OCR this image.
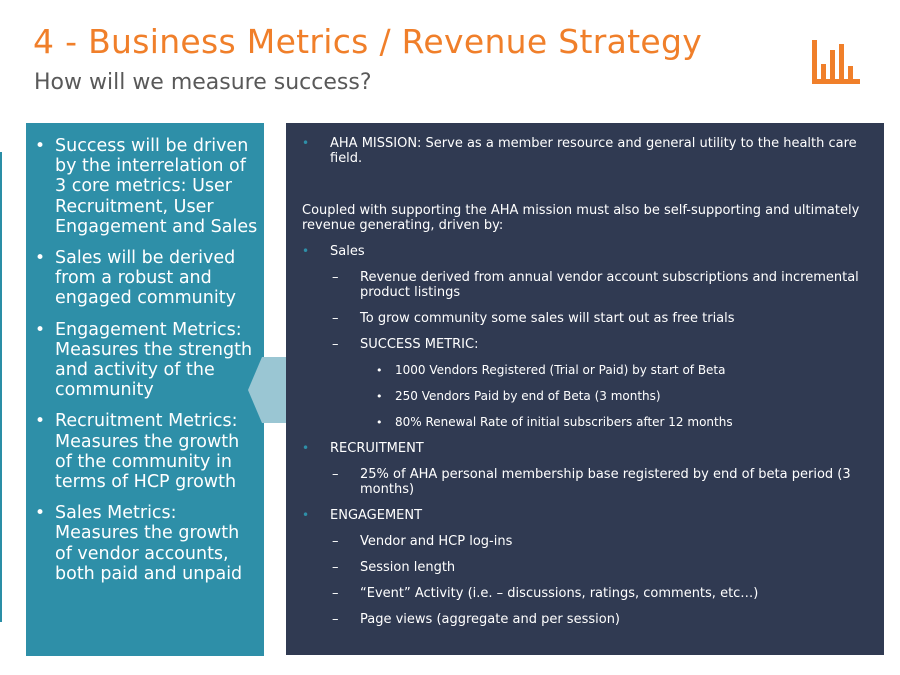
4 - Business Metrics / Revenue Strategy
How will we measure success?
• Success will be driven by the interrelation of 3 core metrics: User Recruitment, User Engagement and Sales
• Sales will be derived from a robust and engaged community
• Engagement Metrics: Measures the strength and activity of the community
• Recruitment Metrics: Measures the growth of the community in terms of HCP growth
• Sales Metrics: Measures the growth of vendor accounts, both paid and unpaid
• AHA MISSION: Serve as a member resource and general utility to the health care field.
Coupled with supporting the AHA mission must also be self-supporting and ultimately revenue generating, driven by:
• Sales
– Revenue derived from annual vendor account subscriptions and incremental product listings
– To grow community some sales will start out as free trials
– SUCCESS METRIC:
• 1000 Vendors Registered (Trial or Paid) by start of Beta
• 250 Vendors Paid by end of Beta (3 months)
• 80% Renewal Rate of initial subscribers after 12 months
• RECRUITMENT
– 25% of AHA personal membership base registered by end of beta period (3 months)
• ENGAGEMENT
– Vendor and HCP log-ins
– Session length
– “Event” Activity (i.e. – discussions, ratings, comments, etc…)
– Page views (aggregate and per session)
